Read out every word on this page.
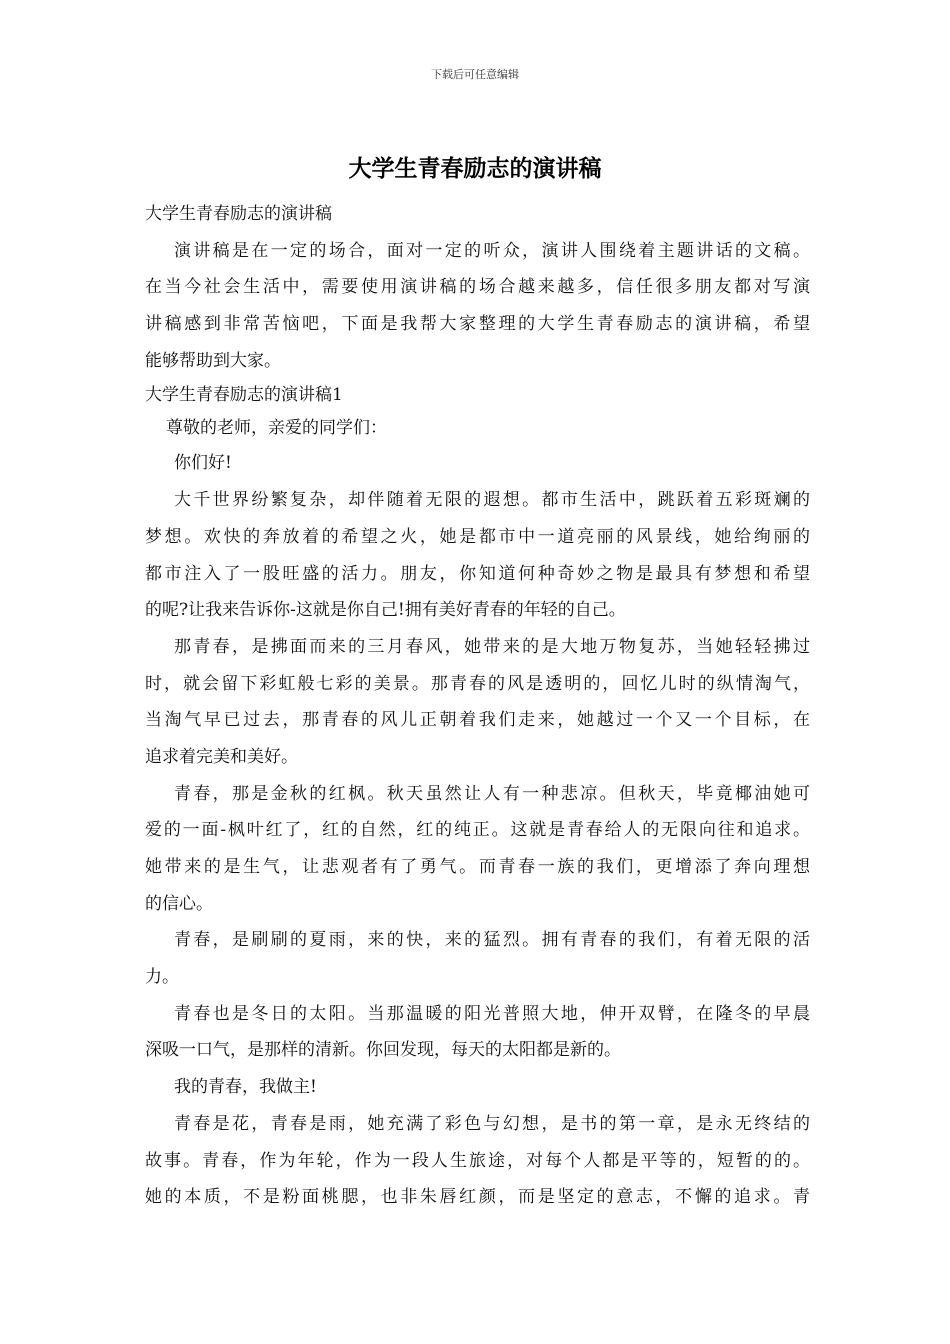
下载后可任意编辑
大学生青春励志的演讲稿
大学生青春励志的演讲稿
演讲稿是在一定的场合，面对一定的听众，演讲人围绕着主题讲话的文稿。
在当今社会生活中，需要使用演讲稿的场合越来越多，信任很多朋友都对写演
讲稿感到非常苦恼吧，下面是我帮大家整理的大学生青春励志的演讲稿，希望
能够帮助到大家。
大学生青春励志的演讲稿1
尊敬的老师，亲爱的同学们：
你们好!
大千世界纷繁复杂，却伴随着无限的遐想。都市生活中，跳跃着五彩斑斓的
梦想。欢快的奔放着的希望之火，她是都市中一道亮丽的风景线，她给绚丽的
都市注入了一股旺盛的活力。朋友，你知道何种奇妙之物是最具有梦想和希望
的呢?让我来告诉你-这就是你自己!拥有美好青春的年轻的自己。
那青春，是拂面而来的三月春风，她带来的是大地万物复苏，当她轻轻拂过
时，就会留下彩虹般七彩的美景。那青春的风是透明的，回忆儿时的纵情淘气，
当淘气早已过去，那青春的风儿正朝着我们走来，她越过一个又一个目标，在
追求着完美和美好。
青春，那是金秋的红枫。秋天虽然让人有一种悲凉。但秋天，毕竟椰油她可
爱的一面-枫叶红了，红的自然，红的纯正。这就是青春给人的无限向往和追求。
她带来的是生气，让悲观者有了勇气。而青春一族的我们，更增添了奔向理想
的信心。
青春，是刷刷的夏雨，来的快，来的猛烈。拥有青春的我们，有着无限的活
力。
青春也是冬日的太阳。当那温暖的阳光普照大地，伸开双臂，在隆冬的早晨
深吸一口气，是那样的清新。你回发现，每天的太阳都是新的。
我的青春，我做主!
青春是花，青春是雨，她充满了彩色与幻想，是书的第一章，是永无终结的
故事。青春，作为年轮，作为一段人生旅途，对每个人都是平等的，短暂的的。
她的本质，不是粉面桃腮，也非朱唇红颜，而是坚定的意志，不懈的追求。青
